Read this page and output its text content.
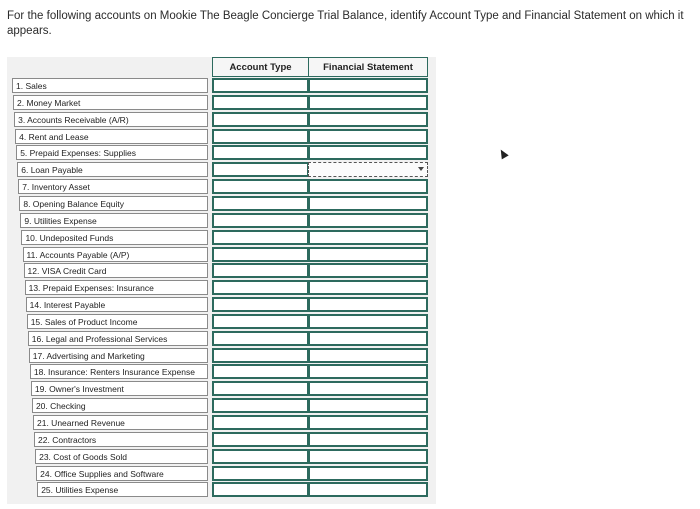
For the following accounts on Mookie The Beagle Concierge Trial Balance, identify Account Type and Financial Statement on which it appears.
Account Type	Financial Statement
1. Sales
2. Money Market
3. Accounts Receivable (A/R)
4. Rent and Lease
5. Prepaid Expenses: Supplies
6. Loan Payable
7. Inventory Asset
8. Opening Balance Equity
9. Utilities Expense
10. Undeposited Funds
11. Accounts Payable (A/P)
12. VISA Credit Card
13. Prepaid Expenses: Insurance
14. Interest Payable
15. Sales of Product Income
16. Legal and Professional Services
17. Advertising and Marketing
18. Insurance: Renters Insurance Expense
19. Owner's Investment
20. Checking
21. Unearned Revenue
22. Contractors
23. Cost of Goods Sold
24. Office Supplies and Software
25. Utilities Expense
